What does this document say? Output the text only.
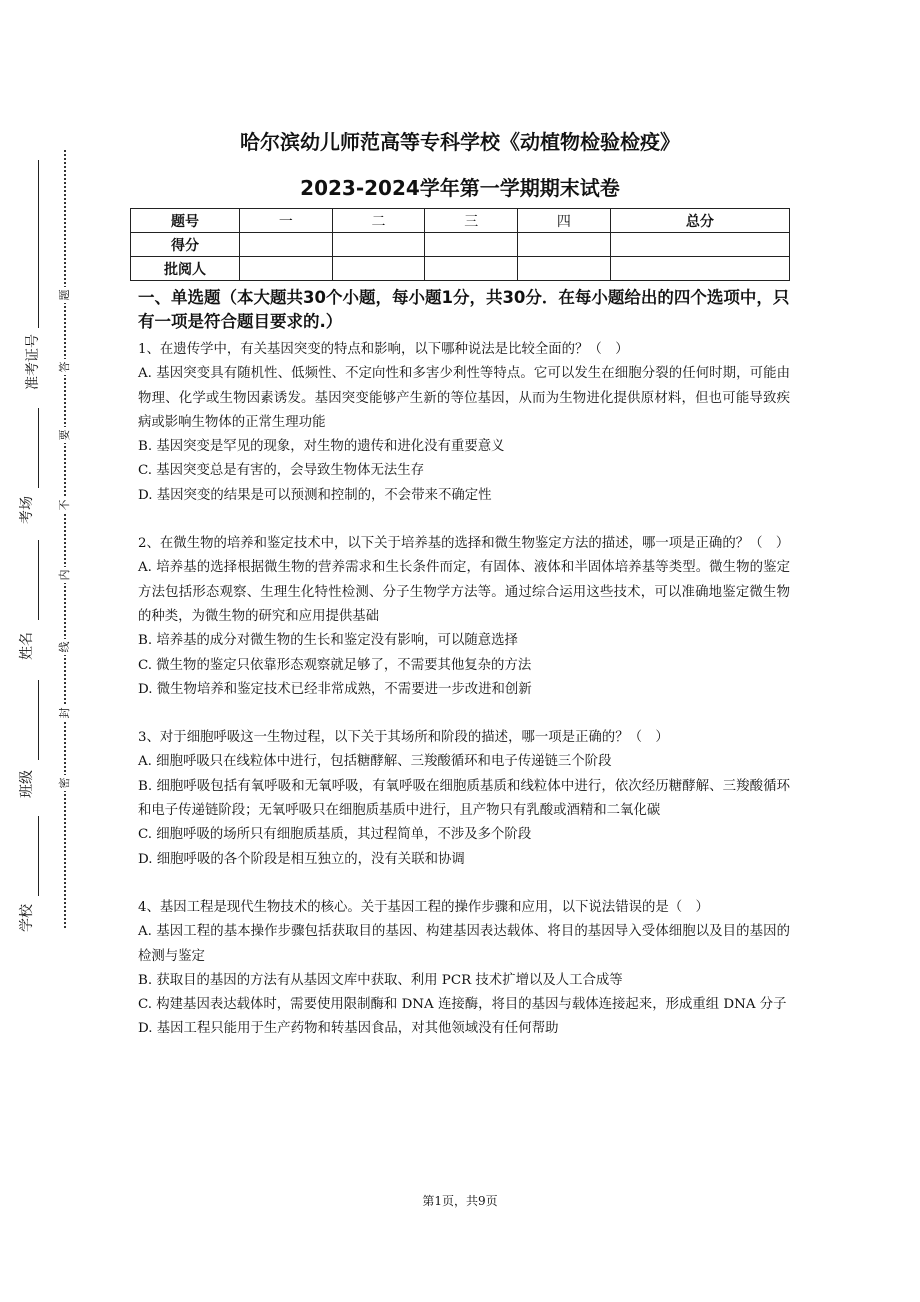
题
答
要
不
内
线
封
密
准考证号
考场
姓名
班级
学校
哈尔滨幼儿师范高等专科学校《动植物检验检疫》
2023-2024学年第一学期期末试卷
题号	一	二	三	四	总分
得分					
批阅人					
一、单选题（本大题共30个小题，每小题1分，共30分．在每小题给出的四个选项中，只有一项是符合题目要求的.）

1、在遗传学中，有关基因突变的特点和影响，以下哪种说法是比较全面的？（　）

A. 基因突变具有随机性、低频性、不定向性和多害少利性等特点。它可以发生在细胞分裂的任何时期，可能由物理、化学或生物因素诱发。基因突变能够产生新的等位基因，从而为生物进化提供原材料，但也可能导致疾病或影响生物体的正常生理功能

B. 基因突变是罕见的现象，对生物的遗传和进化没有重要意义

C. 基因突变总是有害的，会导致生物体无法生存

D. 基因突变的结果是可以预测和控制的，不会带来不确定性

2、在微生物的培养和鉴定技术中，以下关于培养基的选择和微生物鉴定方法的描述，哪一项是正确的？（　）

A. 培养基的选择根据微生物的营养需求和生长条件而定，有固体、液体和半固体培养基等类型。微生物的鉴定方法包括形态观察、生理生化特性检测、分子生物学方法等。通过综合运用这些技术，可以准确地鉴定微生物的种类，为微生物的研究和应用提供基础

B. 培养基的成分对微生物的生长和鉴定没有影响，可以随意选择

C. 微生物的鉴定只依靠形态观察就足够了，不需要其他复杂的方法

D. 微生物培养和鉴定技术已经非常成熟，不需要进一步改进和创新

3、对于细胞呼吸这一生物过程，以下关于其场所和阶段的描述，哪一项是正确的？（　）

A. 细胞呼吸只在线粒体中进行，包括糖酵解、三羧酸循环和电子传递链三个阶段

B. 细胞呼吸包括有氧呼吸和无氧呼吸，有氧呼吸在细胞质基质和线粒体中进行，依次经历糖酵解、三羧酸循环和电子传递链阶段；无氧呼吸只在细胞质基质中进行，且产物只有乳酸或酒精和二氧化碳

C. 细胞呼吸的场所只有细胞质基质，其过程简单，不涉及多个阶段

D. 细胞呼吸的各个阶段是相互独立的，没有关联和协调

4、基因工程是现代生物技术的核心。关于基因工程的操作步骤和应用，以下说法错误的是（　）

A. 基因工程的基本操作步骤包括获取目的基因、构建基因表达载体、将目的基因导入受体细胞以及目的基因的检测与鉴定

B. 获取目的基因的方法有从基因文库中获取、利用 PCR 技术扩增以及人工合成等

C. 构建基因表达载体时，需要使用限制酶和 DNA 连接酶，将目的基因与载体连接起来，形成重组 DNA 分子

D. 基因工程只能用于生产药物和转基因食品，对其他领域没有任何帮助

第1页，共9页
